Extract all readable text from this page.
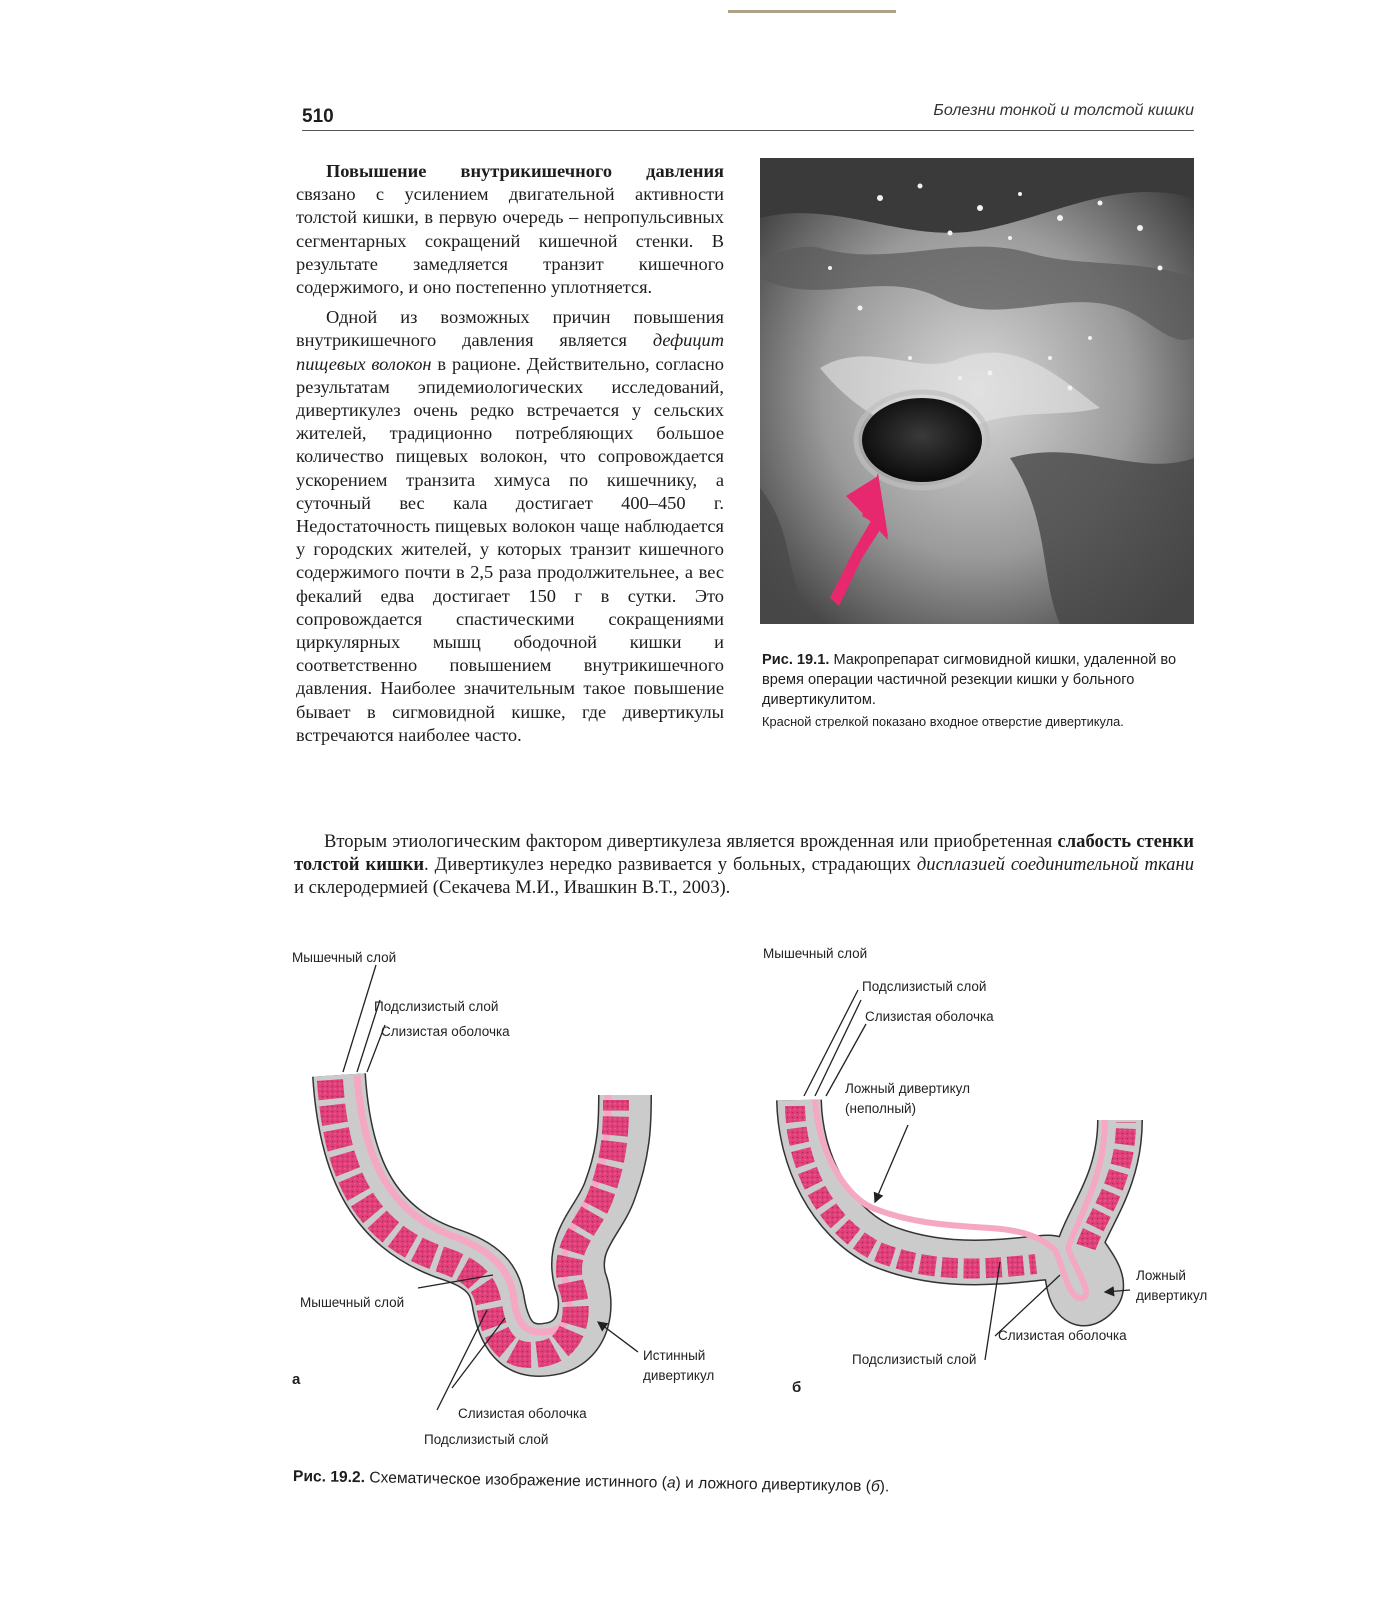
510	Болезни тонкой и толстой кишки

Повышение внутрикишечного давления связано с усилением двигательной активности толстой кишки, в первую очередь – непропульсивных сегментарных сокращений кишечной стенки. В результате замедляется транзит кишечного содержимого, и оно постепенно уплотняется.

Одной из возможных причин повышения внутрикишечного давления является дефицит пищевых волокон в рационе. Действительно, согласно результатам эпидемиологических исследований, дивертикулез очень редко встречается у сельских жителей, традиционно потребляющих большое количество пищевых волокон, что сопровождается ускорением транзита химуса по кишечнику, а суточный вес кала достигает 400–450 г. Недостаточность пищевых волокон чаще наблюдается у городских жителей, у которых транзит кишечного содержимого почти в 2,5 раза продолжительнее, а вес фекалий едва достигает 150 г в сутки. Это сопровождается спастическими сокращениями циркулярных мышц ободочной кишки и соответственно повышением внутрикишечного давления. Наиболее значительным такое повышение бывает в сигмовидной кишке, где дивертикулы встречаются наиболее часто.

Рис. 19.1. Макропрепарат сигмовидной кишки, удаленной во время операции частичной резекции кишки у больного дивертикулитом.
Красной стрелкой показано входное отверстие дивертикула.

Вторым этиологическим фактором дивертикулеза является врожденная или приобретенная слабость стенки толстой кишки. Дивертикулез нередко развивается у больных, страдающих дисплазией соединительной ткани и склеродермией (Секачева М.И., Ивашкин В.Т., 2003).

Мышечный слой
Подслизистый слой
Слизистая оболочка
Мышечный слой
Истинный
дивертикул
Слизистая оболочка
Подслизистый слой
а
Мышечный слой
Подслизистый слой
Слизистая оболочка
Ложный дивертикул
(неполный)
Ложный
дивертикул
Слизистая оболочка
Подслизистый слой
б
Рис. 19.2. Схематическое изображение истинного (а) и ложного дивертикулов (б).
